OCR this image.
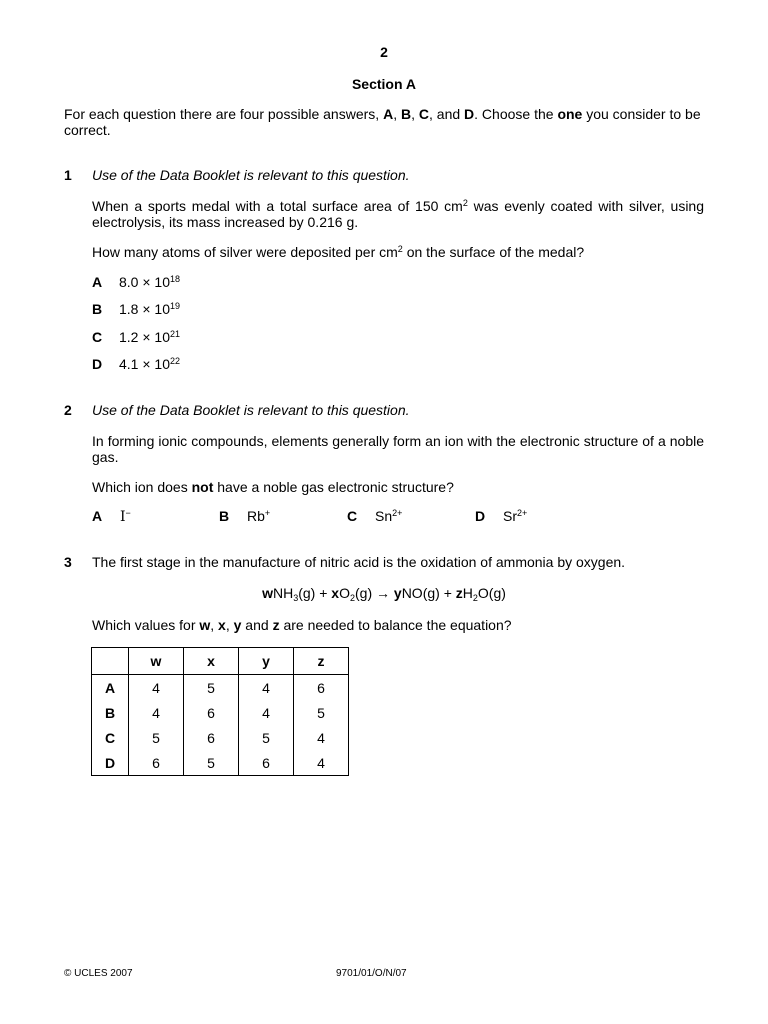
2
Section A
For each question there are four possible answers, A, B, C, and D. Choose the one you consider to be correct.
1 Use of the Data Booklet is relevant to this question.
When a sports medal with a total surface area of 150 $cm^2$ was evenly coated with silver, using electrolysis, its mass increased by 0.216 g.
How many atoms of silver were deposited per $cm^2$ on the surface of the medal?
A $8.0 \times 10^{18}$
B $1.8 \times 10^{19}$
C $1.2 \times 10^{21}$
D $4.1 \times 10^{22}$
2 Use of the Data Booklet is relevant to this question.
In forming ionic compounds, elements generally form an ion with the electronic structure of a noble gas.
Which ion does not have a noble gas electronic structure?
A I−	B Rb+	C $Sn^{2+}$	D $Sr^{2+}$
3 The first stage in the manufacture of nitric acid is the oxidation of ammonia by oxygen.
$wNH_3(g) + xO_2(g) \to yNO(g) + zH_2O(g)$
Which values for w, x, y and z are needed to balance the equation?
	w	x	y	z
A	4	5	4	6
B	4	6	4	5
C	5	6	5	4
D	6	5	6	4
© UCLES 2007	9701/01/O/N/07
